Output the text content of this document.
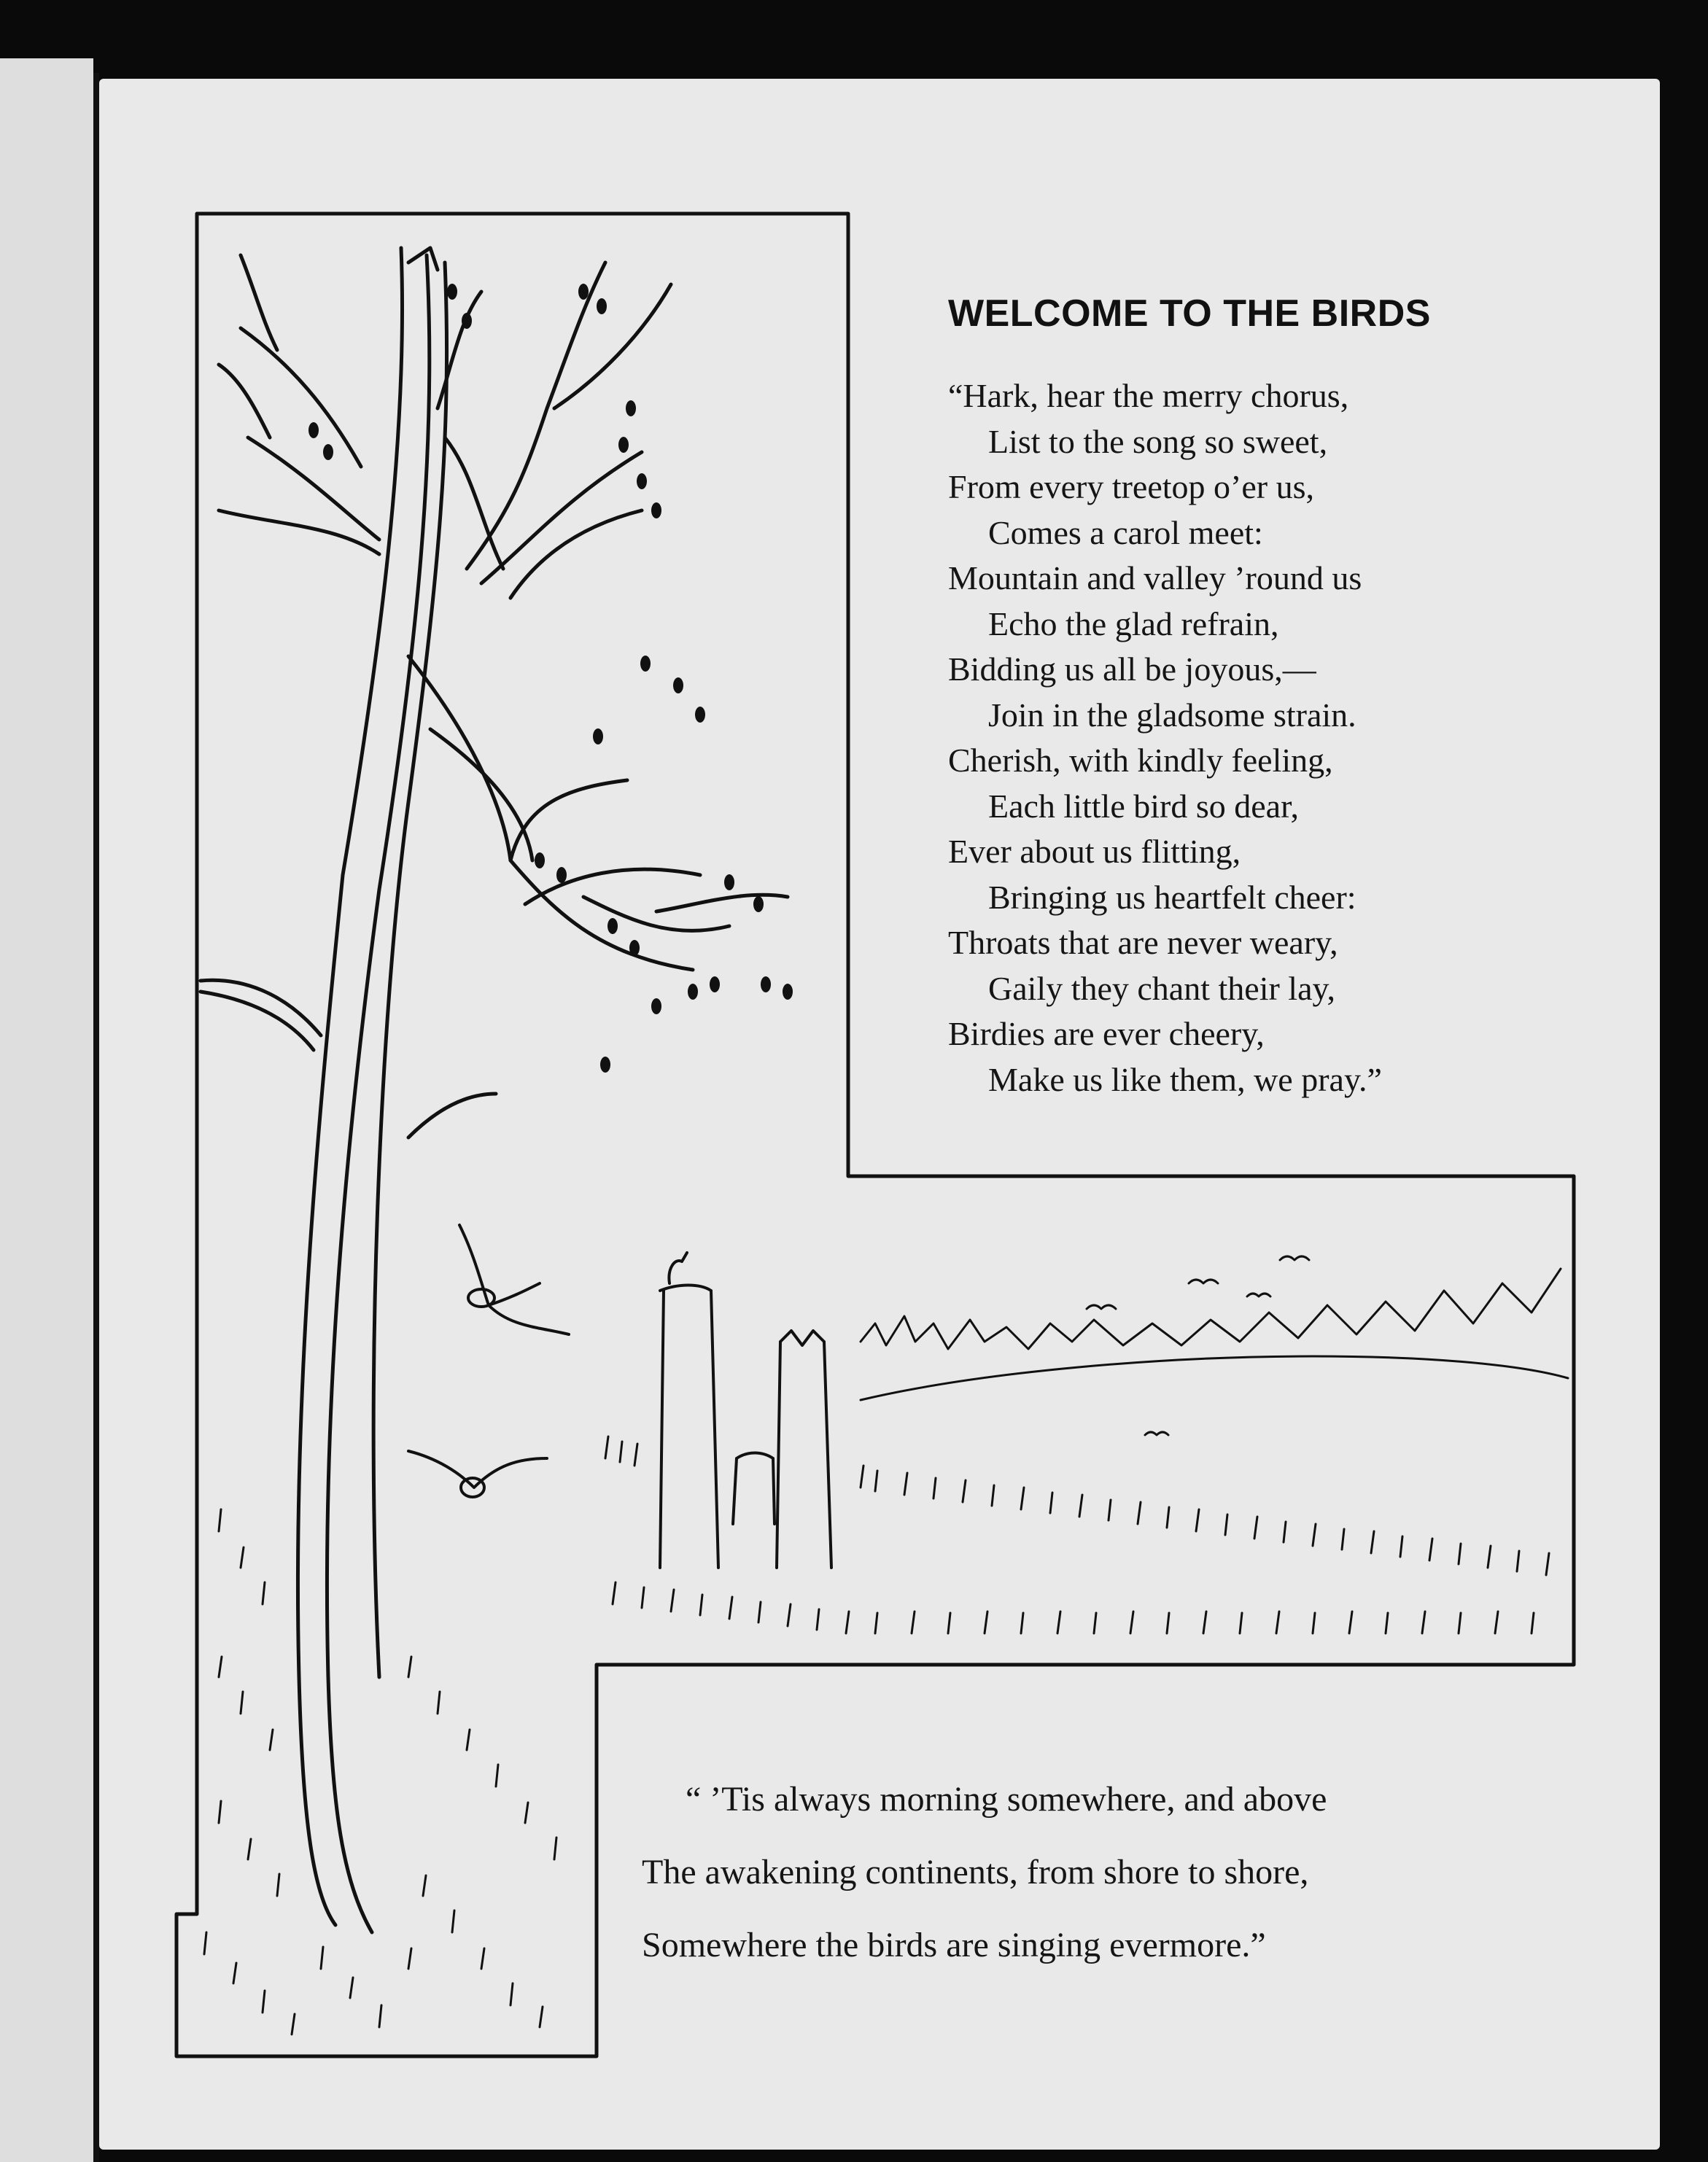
WELCOME TO THE BIRDS
“Hark, hear the merry chorus,
List to the song so sweet,
From every treetop o’er us,
Comes a carol meet:
Mountain and valley ’round us
Echo the glad refrain,
Bidding us all be joyous,—
Join in the gladsome strain.
Cherish, with kindly feeling,
Each little bird so dear,
Ever about us flitting,
Bringing us heartfelt cheer:
Throats that are never weary,
Gaily they chant their lay,
Birdies are ever cheery,
Make us like them, we pray.”
“ ’Tis always morning somewhere, and above
The awakening continents, from shore to shore,
Somewhere the birds are singing evermore.”
